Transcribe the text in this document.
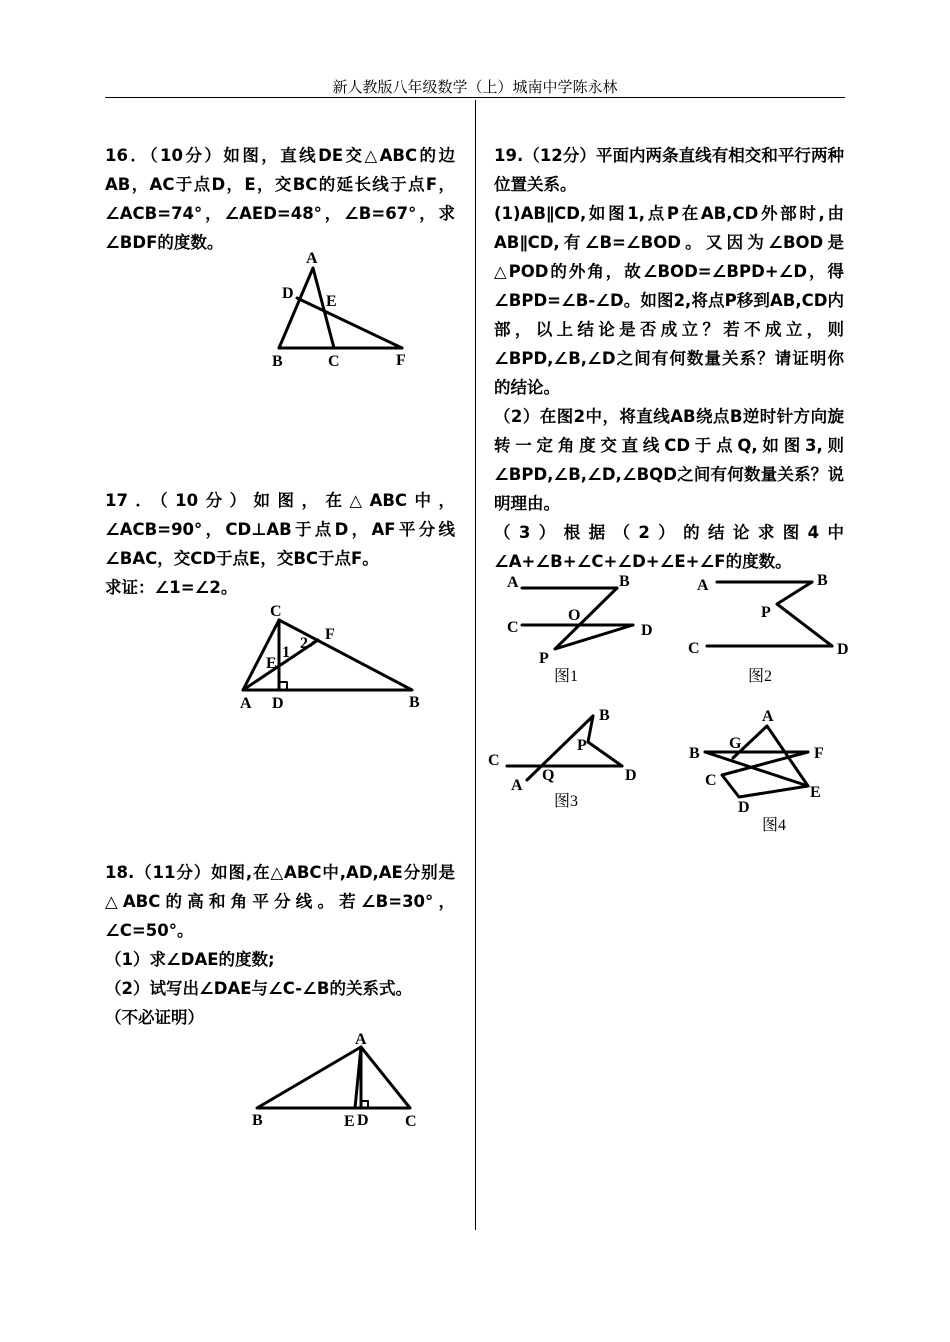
新人教版八年级数学（上）城南中学陈永林

16．（10分）如图，直线DE交△ABC的边AB，AC于点D，E，交BC的延长线于点F，∠ACB=74°，∠AED=48°，∠B=67°，求∠BDF的度数。

A
D E
B	C	F
C
F
E
1
2
A D	B
A
B	E D C
A	B
C
O
D
P
图1
A	B
P
C	D
图2
B
P
C
Q	D
A
图3
A
G
B	F
C
E
D
图4

17．（10分）如图，在△ABC中，∠ACB=90°，CD⊥AB于点D，AF平分线∠BAC，交CD于点E，交BC于点F。

求证：∠1=∠2。

18.（11分）如图,在△ABC中,AD,AE分别是△ABC的高和角平分线。若∠B=30°，∠C=50°。

（1）求∠DAE的度数;

（2）试写出∠DAE与∠C-∠B的关系式。

（不必证明）

19.（12分）平面内两条直线有相交和平行两种位置关系。

(1)AB∥CD,如图1,点P在AB,CD外部时,由AB∥CD,有∠B=∠BOD。又因为∠BOD是△POD的外角，故∠BOD=∠BPD+∠D，得∠BPD=∠B-∠D。如图2,将点P移到AB,CD内部，以上结论是否成立？若不成立，则∠BPD,∠B,∠D之间有何数量关系？请证明你的结论。

（2）在图2中，将直线AB绕点B逆时针方向旋转一定角度交直线CD于点Q,如图3,则∠BPD,∠B,∠D,∠BQD之间有何数量关系？说明理由。

（3）根据（2）的结论求图4中∠A+∠B+∠C+∠D+∠E+∠F的度数。
